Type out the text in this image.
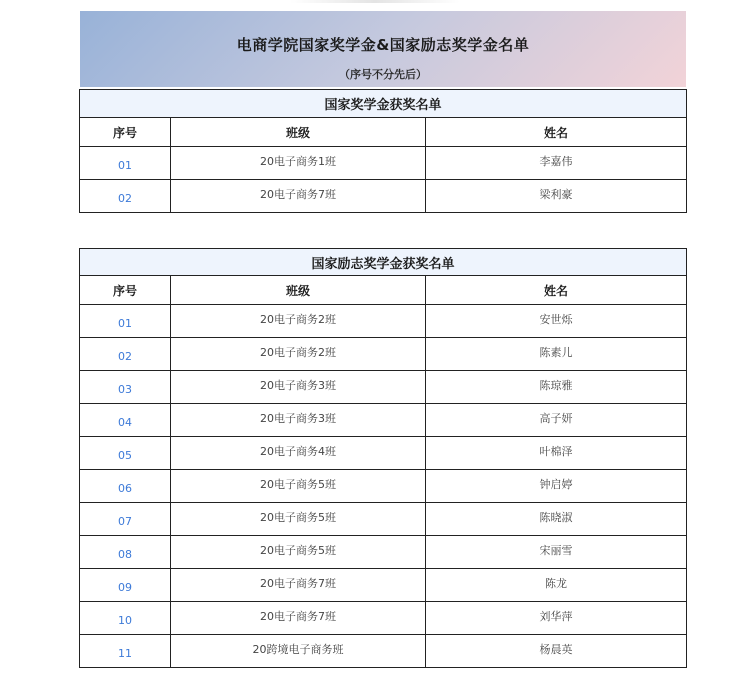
电商学院国家奖学金&国家励志奖学金名单
（序号不分先后）
国家奖学金获奖名单		
序号	班级	姓名
01	20电子商务1班	李嘉伟
02	20电子商务7班	梁利豪
国家励志奖学金获奖名单		
序号	班级	姓名
01	20电子商务2班	安世烁
02	20电子商务2班	陈素儿
03	20电子商务3班	陈琼雅
04	20电子商务3班	高子妍
05	20电子商务4班	叶棉泽
06	20电子商务5班	钟启婷
07	20电子商务5班	陈晓淑
08	20电子商务5班	宋丽雪
09	20电子商务7班	陈龙
10	20电子商务7班	刘华萍
11	20跨境电子商务班	杨晨英
